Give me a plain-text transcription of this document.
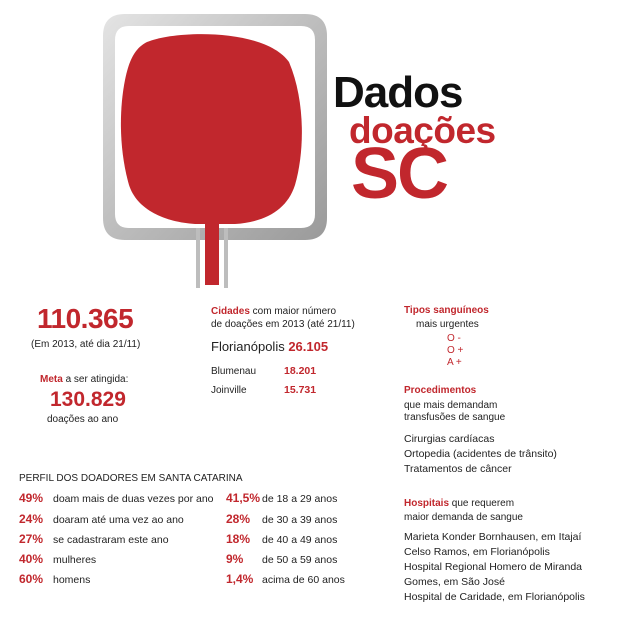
Dados
doações
SC
110.365
(Em 2013, até dia 21/11)
Meta a ser atingida:
130.829
doações ao ano
Cidades com maior número
de doações em 2013 (até 21/11)
Florianópolis 26.105
Blumenau	18.201
Joinville	15.731
Tipos sanguíneos
mais urgentes
O -
O +
A +
Procedimentos
que mais demandam
transfusões de sangue
Cirurgias cardíacas
Ortopedia (acidentes de trânsito)
Tratamentos de câncer
Hospitais que requerem
maior demanda de sangue
Marieta Konder Bornhausen, em Itajaí
Celso Ramos, em Florianópolis
Hospital Regional Homero de Miranda
Gomes, em São José
Hospital de Caridade, em Florianópolis
PERFIL DOS DOADORES EM SANTA CATARINA
49% doam mais de duas vezes por ano
24% doaram até uma vez ao ano
27% se cadastraram este ano
40% mulheres
60% homens
41,5% de 18 a 29 anos
28% de 30 a 39 anos
18% de 40 a 49 anos
9% de 50 a 59 anos
1,4% acima de 60 anos
